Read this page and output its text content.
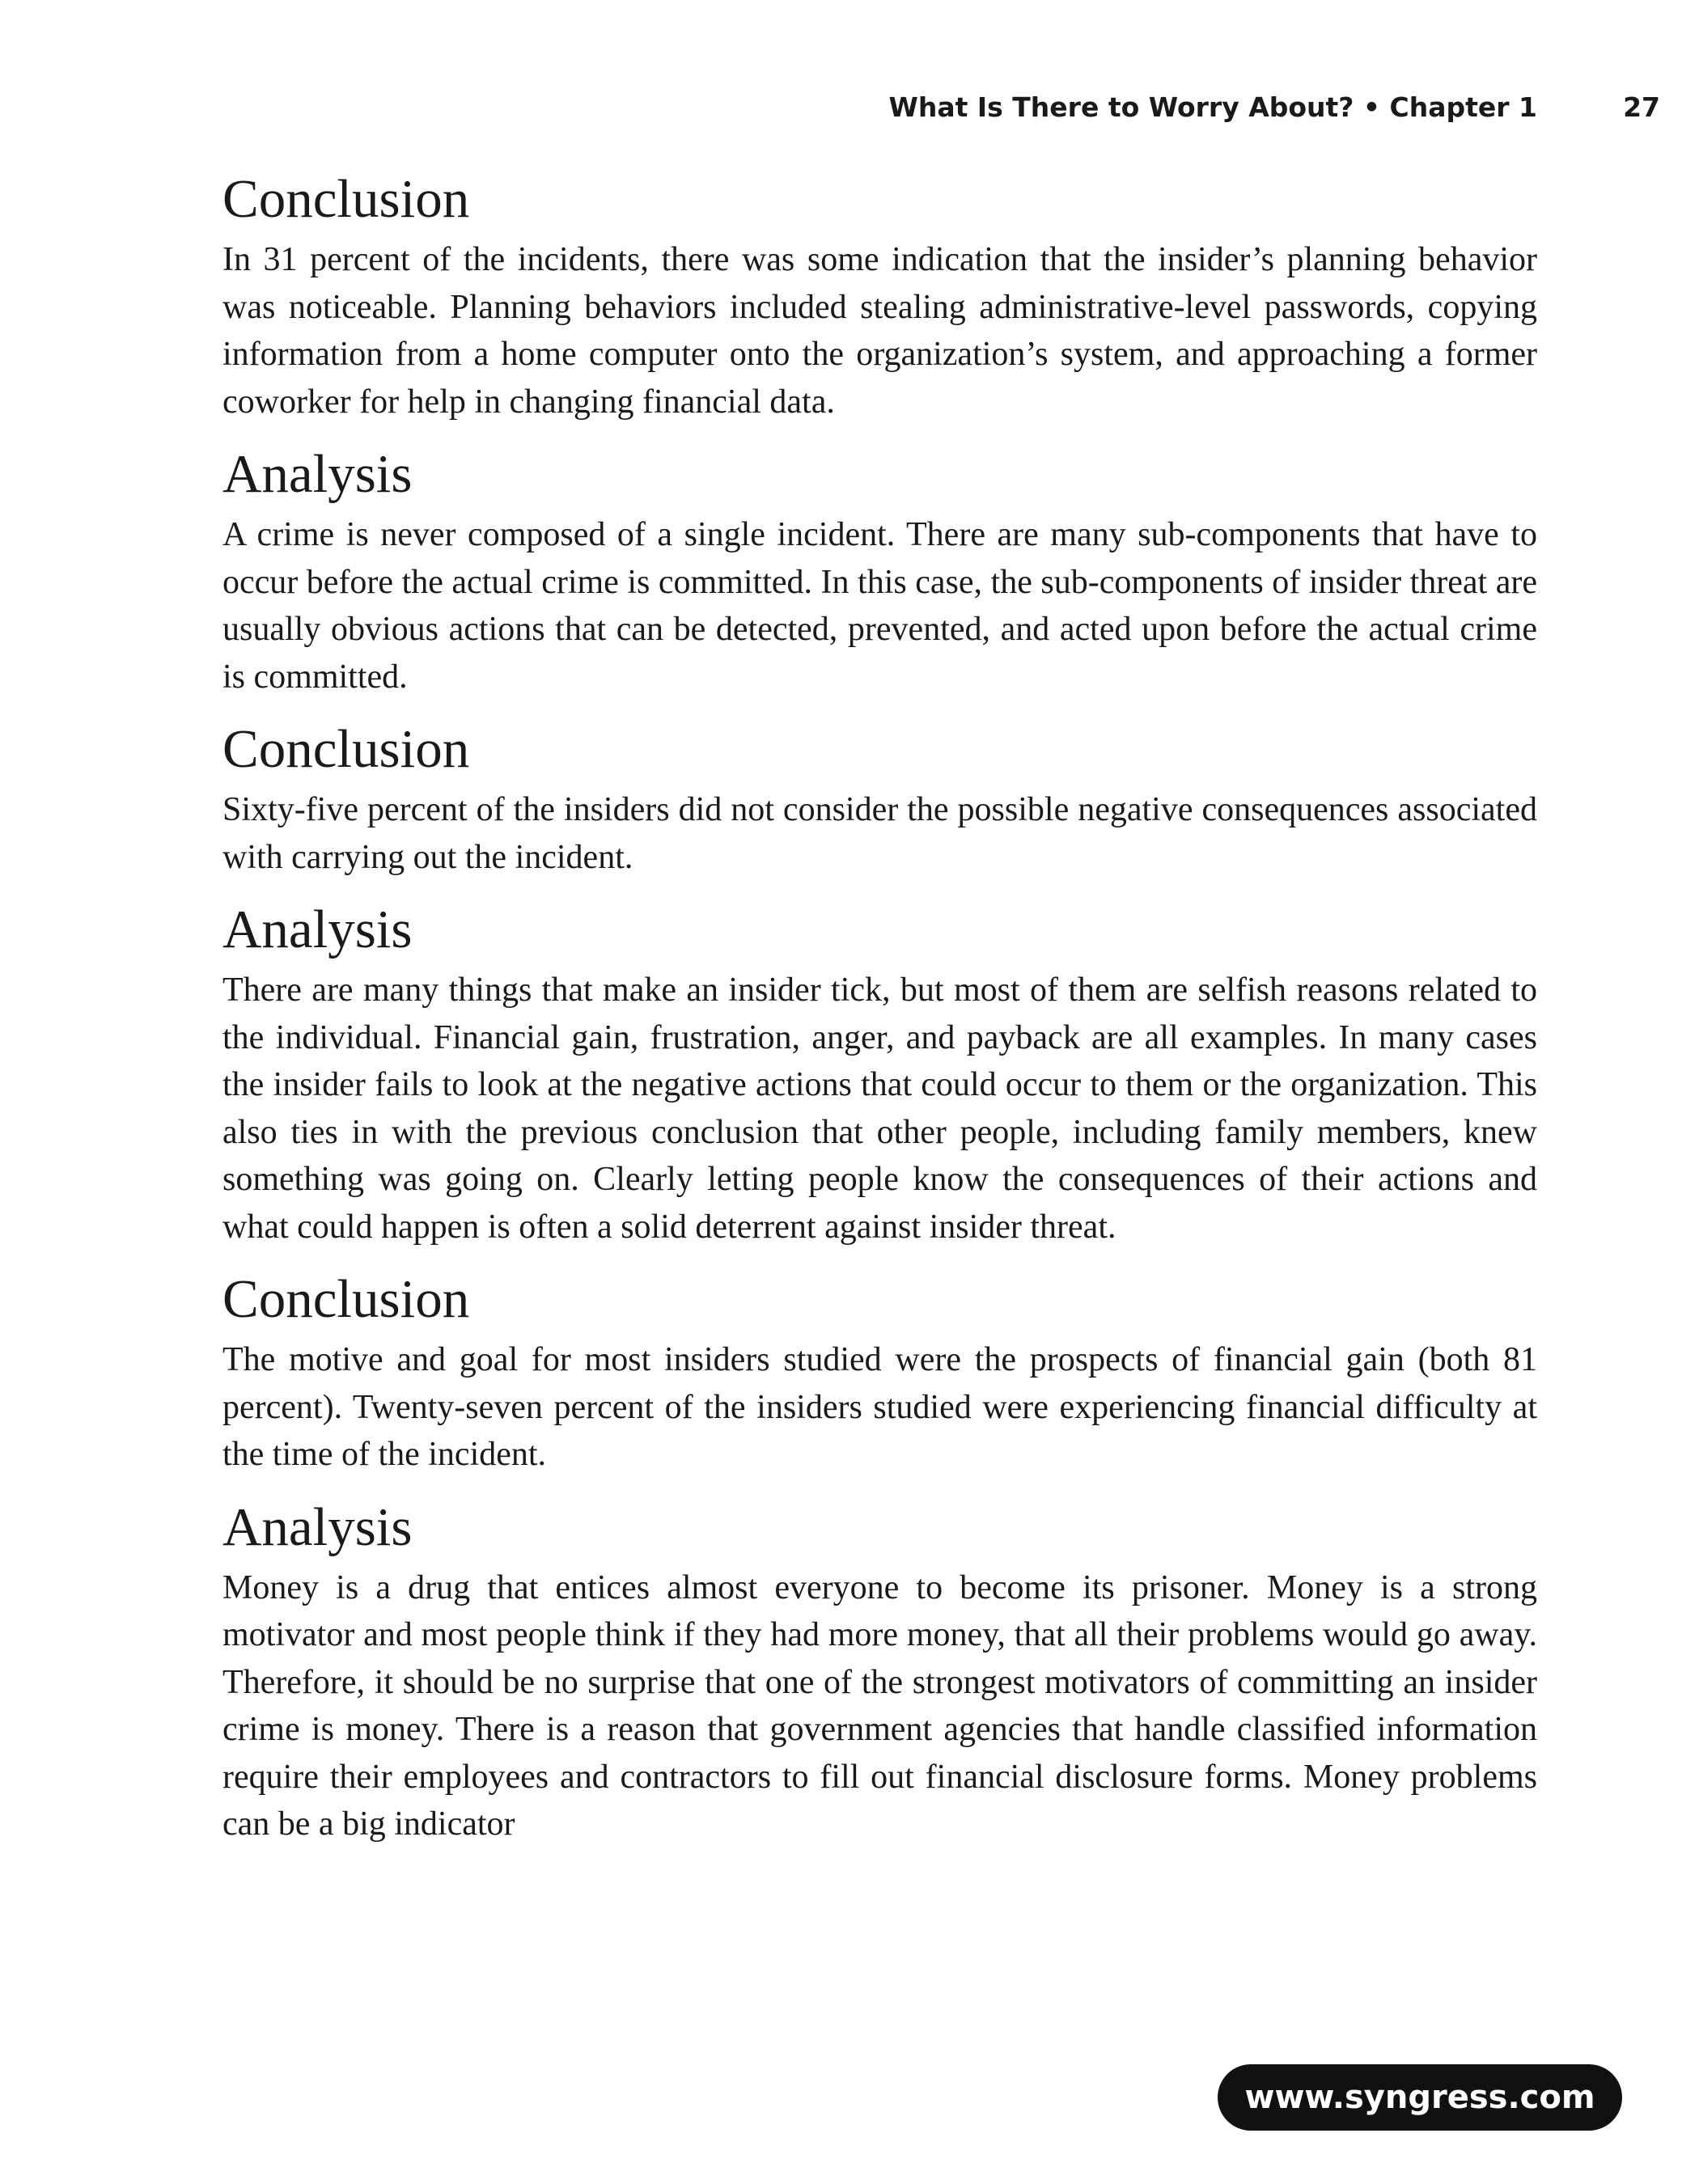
What Is There to Worry About? • Chapter 1	27
Conclusion

In 31 percent of the incidents, there was some indication that the insider’s planning behavior was noticeable. Planning behaviors included stealing administrative-level passwords, copying information from a home computer onto the organization’s system, and approaching a former coworker for help in changing financial data.

Analysis

A crime is never composed of a single incident. There are many sub-components that have to occur before the actual crime is committed. In this case, the sub-components of insider threat are usually obvious actions that can be detected, prevented, and acted upon before the actual crime is committed.

Conclusion

Sixty-five percent of the insiders did not consider the possible negative consequences associated with carrying out the incident.

Analysis

There are many things that make an insider tick, but most of them are selfish reasons related to the individual. Financial gain, frustration, anger, and payback are all examples. In many cases the insider fails to look at the negative actions that could occur to them or the organization. This also ties in with the previous conclusion that other people, including family members, knew something was going on. Clearly letting people know the consequences of their actions and what could happen is often a solid deterrent against insider threat.

Conclusion

The motive and goal for most insiders studied were the prospects of financial gain (both 81 percent). Twenty-seven percent of the insiders studied were experiencing financial difficulty at the time of the incident.

Analysis

Money is a drug that entices almost everyone to become its prisoner. Money is a strong motivator and most people think if they had more money, that all their problems would go away. Therefore, it should be no surprise that one of the strongest motivators of committing an insider crime is money. There is a reason that government agencies that handle classified information require their employees and contractors to fill out financial disclosure forms. Money problems can be a big indicator

www.syngress.com
